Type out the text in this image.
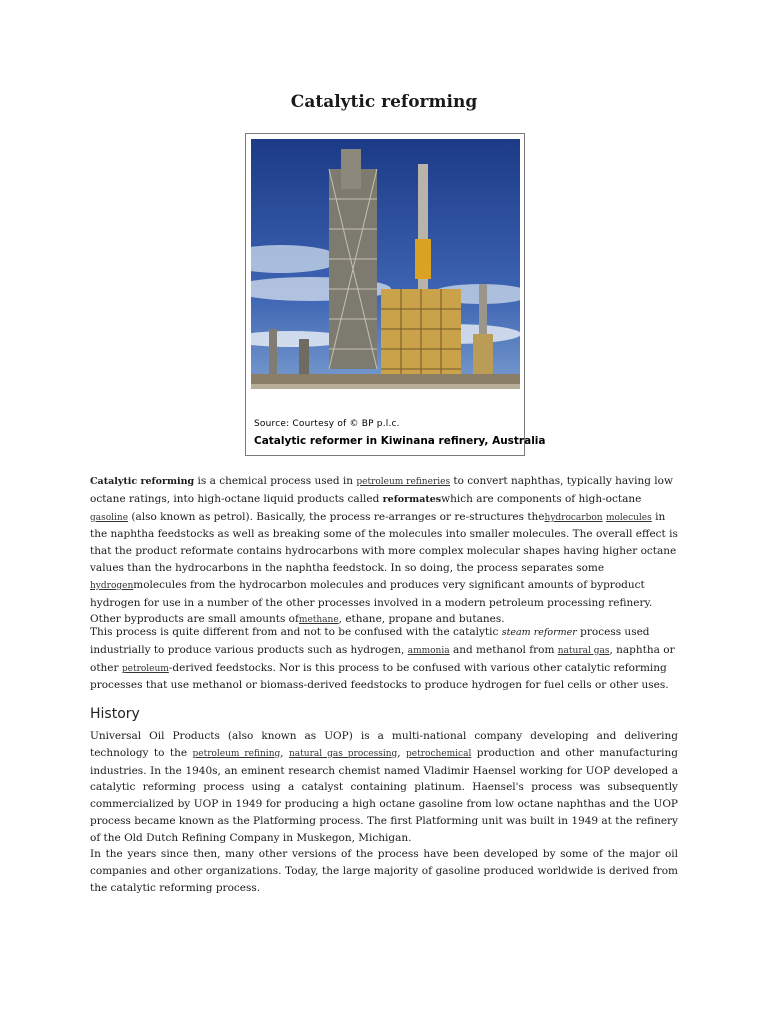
Catalytic reforming
Source: Courtesy of © BP p.l.c.
Catalytic reformer in Kiwinana refinery, Australia

Catalytic reforming is a chemical process used in petroleum refineries to convert naphthas, typically having low octane ratings, into high-octane liquid products called reformateswhich are components of high-octane gasoline (also known as petrol). Basically, the process re-arranges or re-structures thehydrocarbon molecules in the naphtha feedstocks as well as breaking some of the molecules into smaller molecules. The overall effect is that the product reformate contains hydrocarbons with more complex molecular shapes having higher octane values than the hydrocarbons in the naphtha feedstock. In so doing, the process separates some hydrogenmolecules from the hydrocarbon molecules and produces very significant amounts of byproduct hydrogen for use in a number of the other processes involved in a modern petroleum processing refinery. Other byproducts are small amounts ofmethane, ethane, propane and butanes.

This process is quite different from and not to be confused with the catalytic steam reformer process used industrially to produce various products such as hydrogen, ammonia and methanol from natural gas, naphtha or other petroleum-derived feedstocks. Nor is this process to be confused with various other catalytic reforming processes that use methanol or biomass-derived feedstocks to produce hydrogen for fuel cells or other uses.

History

Universal Oil Products (also known as UOP) is a multi-national company developing and delivering technology to the petroleum refining, natural gas processing, petrochemical production and other manufacturing industries. In the 1940s, an eminent research chemist named Vladimir Haensel working for UOP developed a catalytic reforming process using a catalyst containing platinum. Haensel's process was subsequently commercialized by UOP in 1949 for producing a high octane gasoline from low octane naphthas and the UOP process became known as the Platforming process. The first Platforming unit was built in 1949 at the refinery of the Old Dutch Refining Company in Muskegon, Michigan.

In the years since then, many other versions of the process have been developed by some of the major oil companies and other organizations. Today, the large majority of gasoline produced worldwide is derived from the catalytic reforming process.
